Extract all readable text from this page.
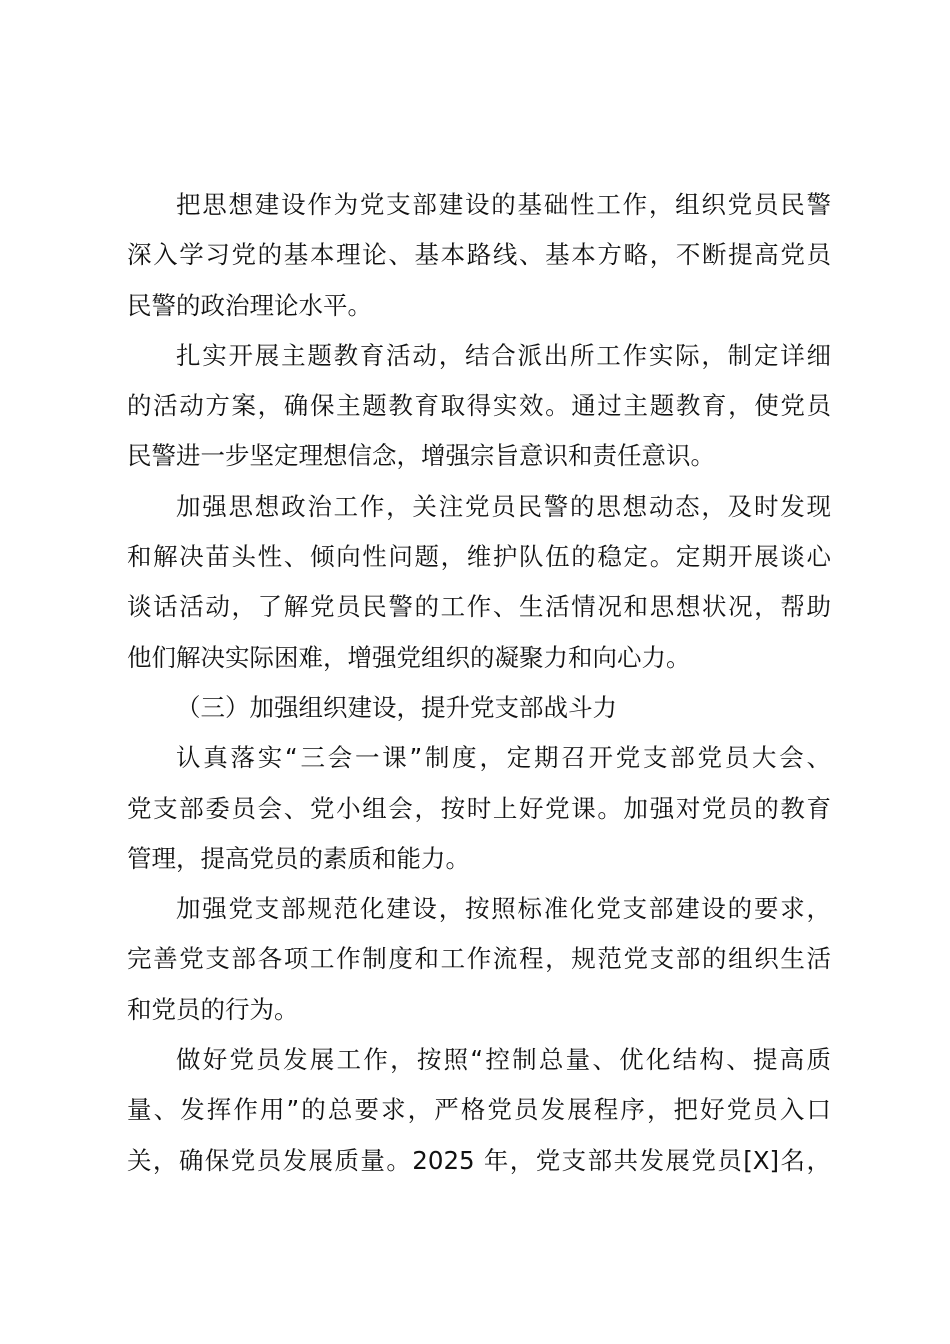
把思想建设作为党支部建设的基础性工作，组织党员民警
深入学习党的基本理论、基本路线、基本方略，不断提高党员
民警的政治理论水平。
扎实开展主题教育活动，结合派出所工作实际，制定详细
的活动方案，确保主题教育取得实效。通过主题教育，使党员
民警进一步坚定理想信念，增强宗旨意识和责任意识。
加强思想政治工作，关注党员民警的思想动态，及时发现
和解决苗头性、倾向性问题，维护队伍的稳定。定期开展谈心
谈话活动，了解党员民警的工作、生活情况和思想状况，帮助
他们解决实际困难，增强党组织的凝聚力和向心力。
（三）加强组织建设，提升党支部战斗力
认真落实“三会一课”制度，定期召开党支部党员大会、
党支部委员会、党小组会，按时上好党课。加强对党员的教育
管理，提高党员的素质和能力。
加强党支部规范化建设，按照标准化党支部建设的要求，
完善党支部各项工作制度和工作流程，规范党支部的组织生活
和党员的行为。
做好党员发展工作，按照“控制总量、优化结构、提高质
量、发挥作用”的总要求，严格党员发展程序，把好党员入口
关，确保党员发展质量。2025 年，党支部共发展党员[X]名，
